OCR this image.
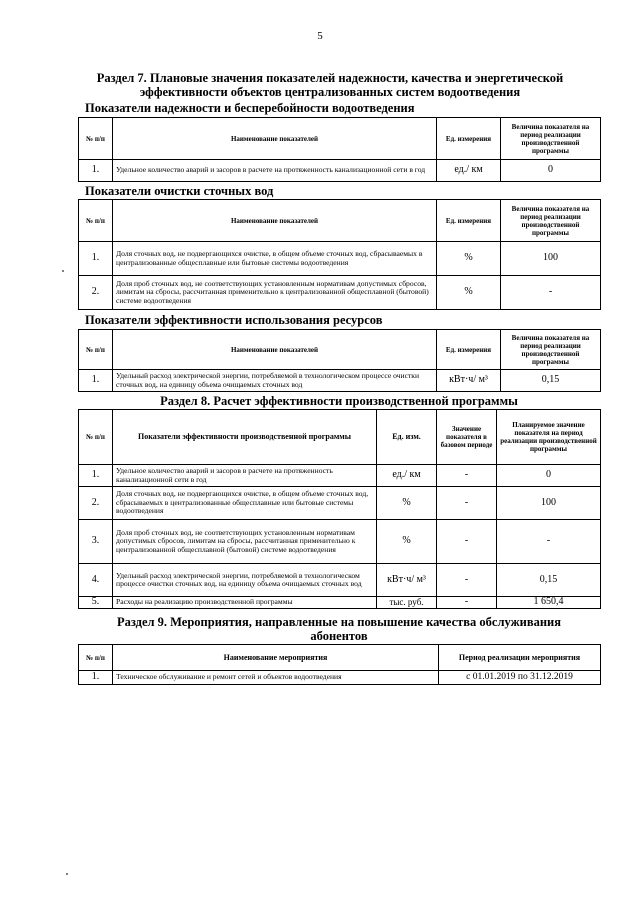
5
Раздел 7. Плановые значения показателей надежности, качества и энергетической
эффективности объектов централизованных систем водоотведения
Показатели надежности и бесперебойности водоотведения
№ п/п	Наименование показателей	Ед. измерения	Величина показателя на период реализации производственной программы
1.	Удельное количество аварий и засоров в расчете на протяженность канализационной сети в год	ед./ км	0
Показатели очистки сточных вод
№ п/п	Наименование показателей	Ед. измерения	Величина показателя на период реализации производственной программы
1.	Доля сточных вод, не подвергающихся очистке, в общем объеме сточных вод, сбрасываемых в централизованные общесплавные или бытовые системы водоотведения	%	100
2.	Доля проб сточных вод, не соответствующих установленным нормативам допустимых сбросов, лимитам на сбросы, рассчитанная применительно к централизованной общесплавной (бытовой) системе водоотведения	%	-
Показатели эффективности использования ресурсов
№ п/п	Наименование показателей	Ед. измерения	Величина показателя на период реализации производственной программы
1.	Удельный расход электрической энергии, потребляемой в технологическом процессе очистки сточных вод, на единицу объема очищаемых сточных вод	кВт·ч/ м³	0,15
Раздел 8. Расчет эффективности производственной программы
№ п/п	Показатели эффективности производственной программы	Ед. изм.	Значение показателя в базовом периоде	Планируемое значение показателя на период реализации производственной программы
1.	Удельное количество аварий и засоров в расчете на протяженность канализационной сети в год	ед./ км	-	0
2.	Доля сточных вод, не подвергающихся очистке, в общем объеме сточных вод, сбрасываемых в централизованные общесплавные или бытовые системы водоотведения	%	-	100
3.	Доля проб сточных вод, не соответствующих установленным нормативам допустимых сбросов, лимитам на сбросы, рассчитанная применительно к централизованной общесплавной (бытовой) системе водоотведения	%	-	-
4.	Удельный расход электрической энергии, потребляемой в технологическом процессе очистки сточных вод, на единицу объема очищаемых сточных вод	кВт·ч/ м³	-	0,15
5.	Расходы на реализацию производственной программы	тыс. руб.	-	1 650,4
Раздел 9. Мероприятия, направленные на повышение качества обслуживания
абонентов
№ п/п	Наименование мероприятия	Период реализации мероприятия
1.	Техническое обслуживание и ремонт сетей и объектов водоотведения	с 01.01.2019 по 31.12.2019
